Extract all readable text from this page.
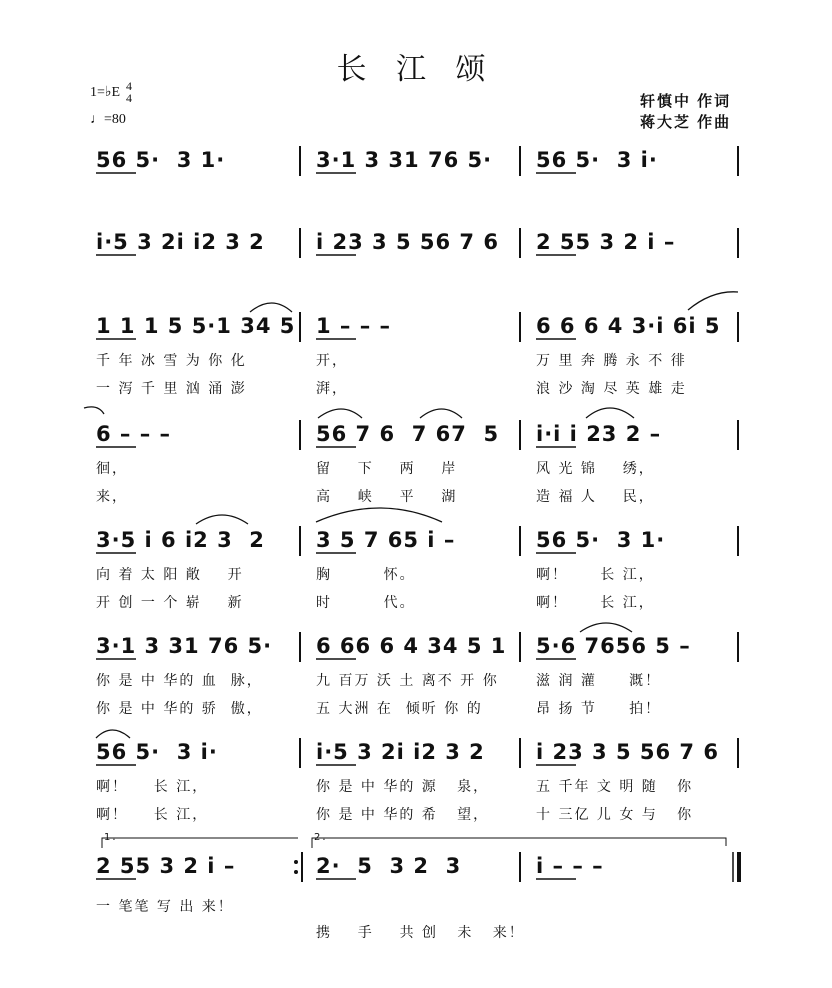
长 江 颂
1=♭E 4
4
♩=80
轩慎中 作词
蒋大芝 作曲
56 5·  3 1·	3·1 3 31 76 5· 56 5·  3 i·
i·5 3 2i i2 3 2 i 23 3 5 56 7 6 2 55 3 2 i –
1 1 1 5 5·1 34 5 1 – – –	6 6 6 4 3·i 6i 5
千 年 冰 雪 为 你 化	开，	万 里 奔 腾 永 不 徘
一 泻 千 里 汹 涌 澎	湃，	浪 沙 淘 尽 英 雄 走
6 – – –	56 7 6  7 67  5 i·i i 23 2 –
徊，	留    下    两    岸	风 光 锦    绣，
来，	高    峡    平    湖	造 福 人    民，
3·5 i 6 i2 3  2 3 5 7 65 i –	56 5·  3 1·
向 着 太 阳 敞    开	胸        怀。	啊！     长 江，
开 创 一 个 崭    新	时        代。	啊！     长 江，
3·1 3 31 76 5· 6 66 6 4 34 5 1 5·6 7656 5 –
你 是 中 华的 血  脉，	九 百万 沃 土 离不 开 你	滋 润 灌     溉！
你 是 中 华的 骄  傲，	五 大洲 在  倾听 你 的	昂 扬 节     拍！
56 5·  3 i·	i·5 3 2i i2 3 2 i 23 3 5 56 7 6
啊！    长 江，	你 是 中 华的 源   泉，	五 千年 文 明 随   你
啊！    长 江，	你 是 中 华的 希   望，	十 三亿 儿 女 与   你
1.	2.
2 55 3 2 i –	2·  5  3 2  3	i – – –
一 笔笔 写 出 来！
携    手    共 创   未   来！
